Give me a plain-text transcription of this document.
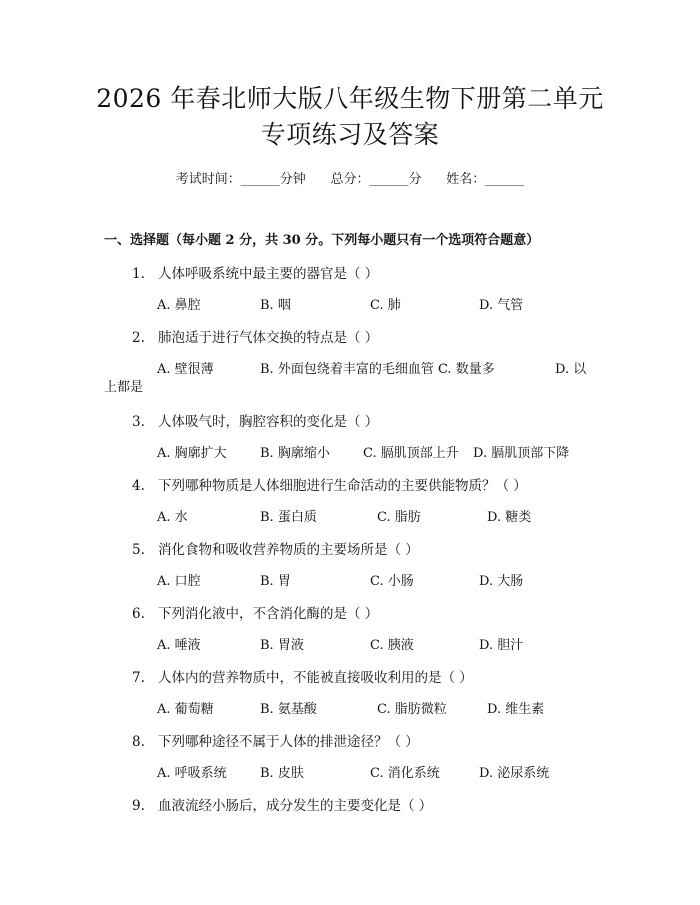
2026 年春北师大版八年级生物下册第二单元
专项练习及答案
考试时间：______分钟      总分：______分      姓名：______
一、选择题（每小题 2 分，共 30 分。下列每小题只有一个选项符合题意）
1. 人体呼吸系统中最主要的器官是（ ）
A. 鼻腔	B. 咽	C. 肺	D. 气管
2. 肺泡适于进行气体交换的特点是（ ）
A. 壁很薄	B. 外面包绕着丰富的毛细血管 C. 数量多	D. 以
上都是
3. 人体吸气时，胸腔容积的变化是（ ）
A. 胸廓扩大	B. 胸廓缩小	C. 膈肌顶部上升 D. 膈肌顶部下降
4. 下列哪种物质是人体细胞进行生命活动的主要供能物质？（ ）
A. 水	B. 蛋白质	C. 脂肪	D. 糖类
5. 消化食物和吸收营养物质的主要场所是（ ）
A. 口腔	B. 胃	C. 小肠	D. 大肠
6. 下列消化液中，不含消化酶的是（ ）
A. 唾液	B. 胃液	C. 胰液	D. 胆汁
7. 人体内的营养物质中，不能被直接吸收利用的是（ ）
A. 葡萄糖	B. 氨基酸	C. 脂肪微粒	D. 维生素
8. 下列哪种途径不属于人体的排泄途径？（ ）
A. 呼吸系统	B. 皮肤	C. 消化系统	D. 泌尿系统
9. 血液流经小肠后，成分发生的主要变化是（ ）
